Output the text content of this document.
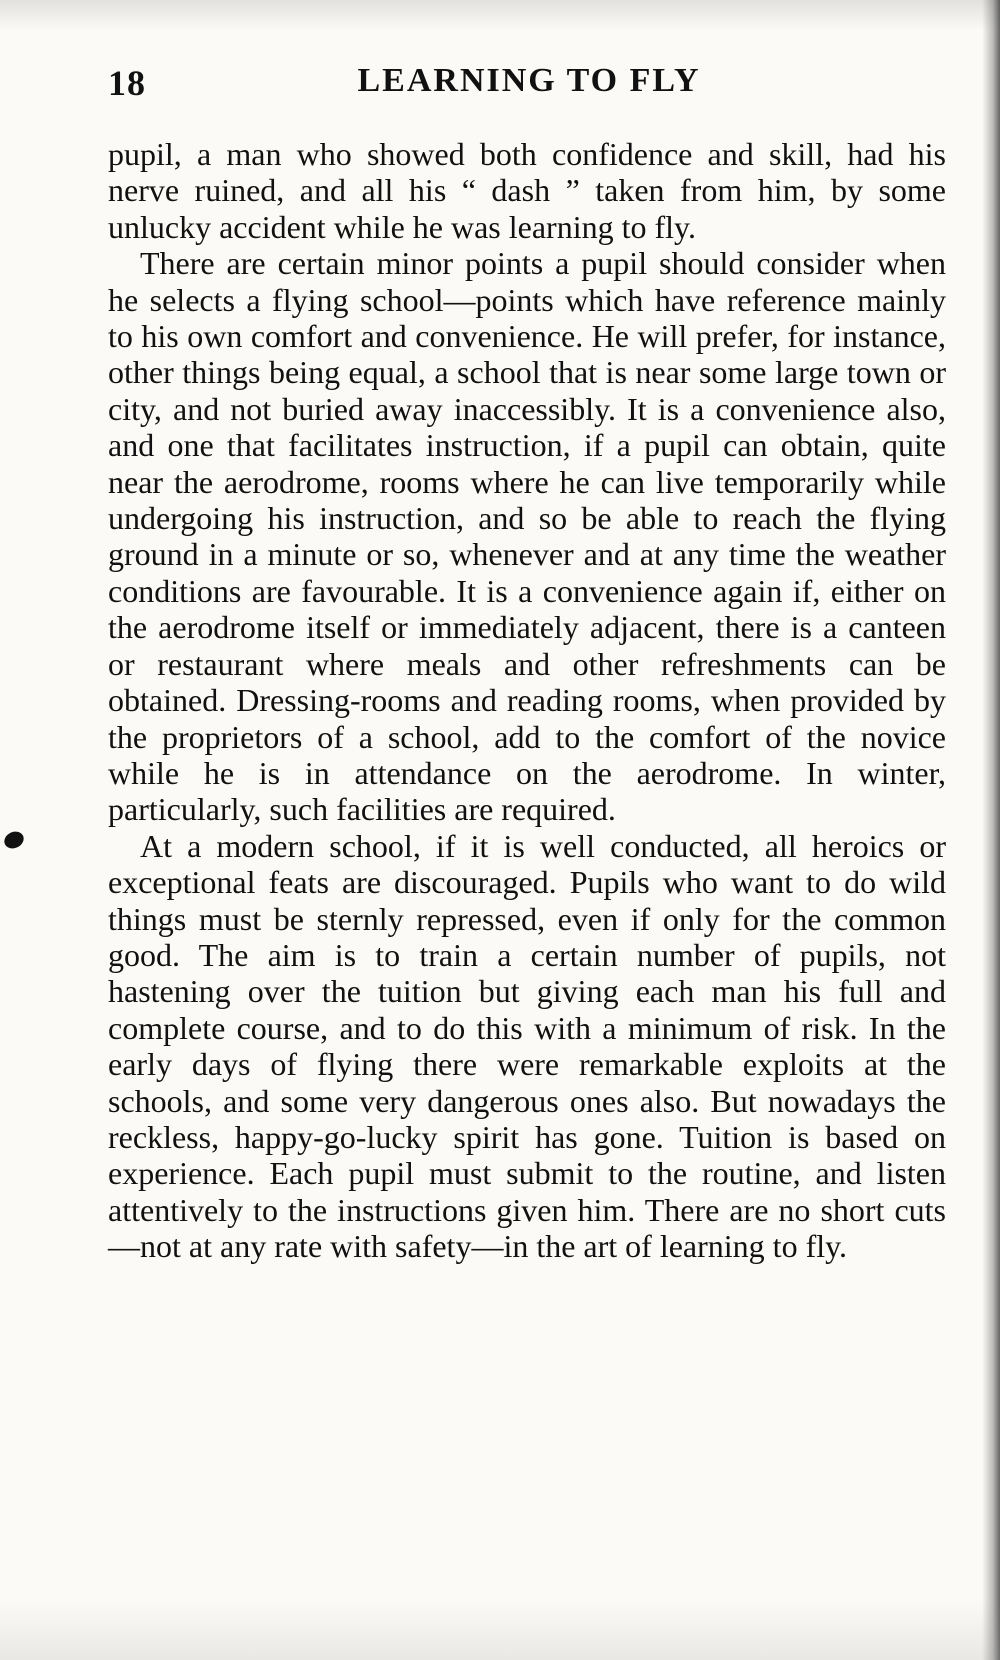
18	LEARNING TO FLY

pupil, a man who showed both confidence and skill, had his nerve ruined, and all his “ dash ” taken from him, by some unlucky accident while he was learning to fly.

There are certain minor points a pupil should consider when he selects a flying school—points which have reference mainly to his own comfort and convenience. He will prefer, for instance, other things being equal, a school that is near some large town or city, and not buried away inaccessibly. It is a convenience also, and one that facilitates instruction, if a pupil can obtain, quite near the aerodrome, rooms where he can live temporarily while undergoing his instruction, and so be able to reach the flying ground in a minute or so, whenever and at any time the weather conditions are favourable. It is a convenience again if, either on the aerodrome itself or immediately adjacent, there is a canteen or restaurant where meals and other refreshments can be obtained. Dressing-rooms and reading rooms, when provided by the proprietors of a school, add to the comfort of the novice while he is in attendance on the aerodrome. In winter, particularly, such facilities are required.

At a modern school, if it is well conducted, all heroics or exceptional feats are discouraged. Pupils who want to do wild things must be sternly repressed, even if only for the common good. The aim is to train a certain number of pupils, not hastening over the tuition but giving each man his full and complete course, and to do this with a minimum of risk. In the early days of flying there were remarkable exploits at the schools, and some very dangerous ones also. But nowadays the reckless, happy-go-lucky spirit has gone. Tuition is based on experience. Each pupil must submit to the routine, and listen attentively to the instructions given him. There are no short cuts—not at any rate with safety—in the art of learning to fly.
